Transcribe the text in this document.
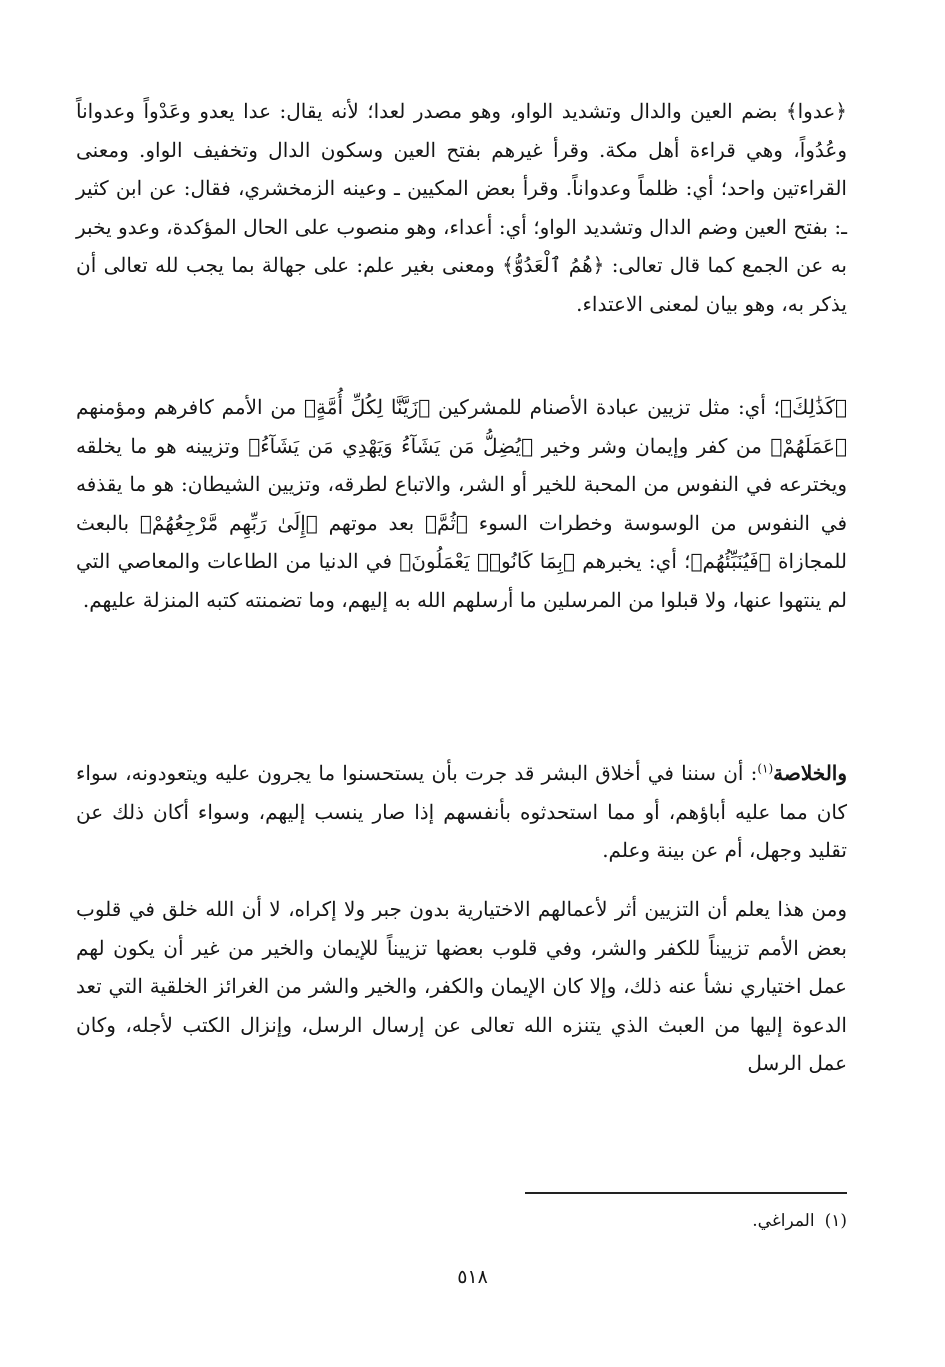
﴿عدوا﴾ بضم العين والدال وتشديد الواو، وهو مصدر لعدا؛ لأنه يقال: عدا يعدو وعَدْواً وعدواناً وعُدُواً، وهي قراءة أهل مكة. وقرأ غيرهم بفتح العين وسكون الدال وتخفيف الواو. ومعنى القراءتين واحد؛ أي: ظلماً وعدواناً. وقرأ بعض المكيين ـ وعينه الزمخشري، فقال: عن ابن كثير ـ: بفتح العين وضم الدال وتشديد الواو؛ أي: أعداء، وهو منصوب على الحال المؤكدة، وعدو يخبر به عن الجمع كما قال تعالى: ﴿هُمُ ٱلْعَدُوُّ﴾ ومعنى بغير علم: على جهالة بما يجب لله تعالى أن يذكر به، وهو بيان لمعنى الاعتداء.

﴿كَذَٰلِكَ﴾؛ أي: مثل تزيين عبادة الأصنام للمشركين ﴿زَيَّنَّا لِكُلِّ أُمَّةٍ﴾ من الأمم كافرهم ومؤمنهم ﴿عَمَلَهُمْ﴾ من كفر وإيمان وشر وخير ﴿يُضِلُّ مَن يَشَآءُ وَيَهْدِي مَن يَشَآءُ﴾ وتزيينه هو ما يخلقه ويخترعه في النفوس من المحبة للخير أو الشر، والاتباع لطرقه، وتزيين الشيطان: هو ما يقذفه في النفوس من الوسوسة وخطرات السوء ﴿ثُمَّ﴾ بعد موتهم ﴿إِلَىٰ رَبِّهِم مَّرْجِعُهُمْ﴾ بالبعث للمجازاة ﴿فَيُنَبِّئُهُم﴾؛ أي: يخبرهم ﴿بِمَا كَانُوا۟ يَعْمَلُونَ﴾ في الدنيا من الطاعات والمعاصي التي لم ينتهوا عنها، ولا قبلوا من المرسلين ما أرسلهم الله به إليهم، وما تضمنته كتبه المنزلة عليهم.

والخلاصة$^{(١)}$: أن سننا في أخلاق البشر قد جرت بأن يستحسنوا ما يجرون عليه ويتعودونه، سواء كان مما عليه أباؤهم، أو مما استحدثوه بأنفسهم إذا صار ينسب إليهم، وسواء أكان ذلك عن تقليد وجهل، أم عن بينة وعلم.

ومن هذا يعلم أن التزيين أثر لأعمالهم الاختيارية بدون جبر ولا إكراه، لا أن الله خلق في قلوب بعض الأمم تزييناً للكفر والشر، وفي قلوب بعضها تزييناً للإيمان والخير من غير أن يكون لهم عمل اختياري نشأ عنه ذلك، وإلا كان الإيمان والكفر، والخير والشر من الغرائز الخلقية التي تعد الدعوة إليها من العبث الذي يتنزه الله تعالى عن إرسال الرسل، وإنزال الكتب لأجله، وكان عمل الرسل

(١)المراغي.
٥١٨
